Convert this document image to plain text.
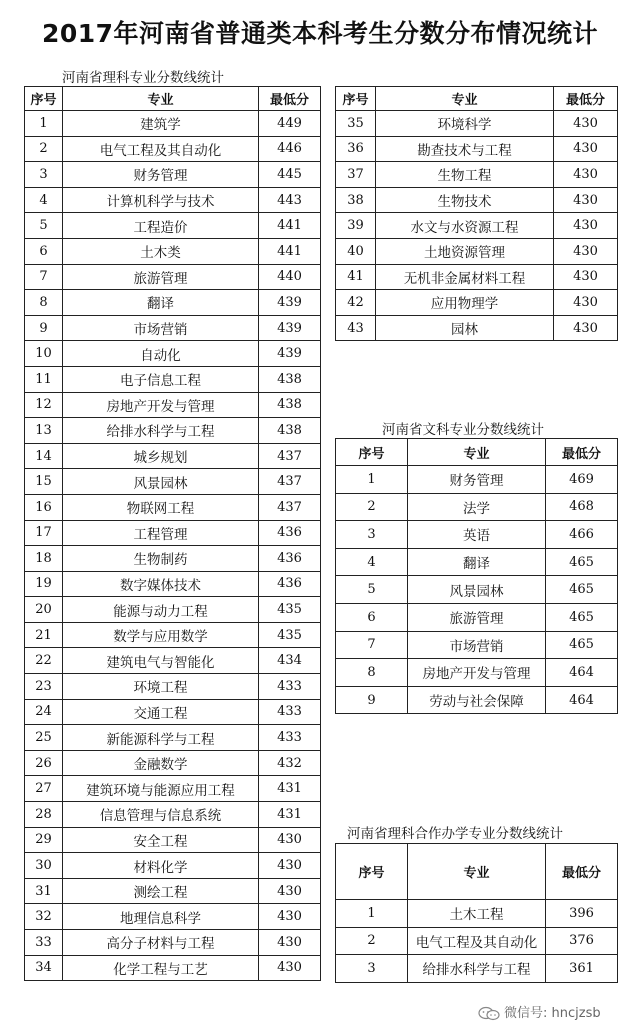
2017年河南省普通类本科考生分数分布情况统计
河南省理科专业分数线统计
河南省文科专业分数线统计
河南省理科合作办学专业分数线统计
序号	专业	最低分
1	建筑学	449
2	电气工程及其自动化	446
3	财务管理	445
4	计算机科学与技术	443
5	工程造价	441
6	土木类	441
7	旅游管理	440
8	翻译	439
9	市场营销	439
10	自动化	439
11	电子信息工程	438
12	房地产开发与管理	438
13	给排水科学与工程	438
14	城乡规划	437
15	风景园林	437
16	物联网工程	437
17	工程管理	436
18	生物制药	436
19	数字媒体技术	436
20	能源与动力工程	435
21	数学与应用数学	435
22	建筑电气与智能化	434
23	环境工程	433
24	交通工程	433
25	新能源科学与工程	433
26	金融数学	432
27	建筑环境与能源应用工程	431
28	信息管理与信息系统	431
29	安全工程	430
30	材料化学	430
31	测绘工程	430
32	地理信息科学	430
33	高分子材料与工程	430
34	化学工程与工艺	430
序号	专业	最低分
35	环境科学	430
36	勘查技术与工程	430
37	生物工程	430
38	生物技术	430
39	水文与水资源工程	430
40	土地资源管理	430
41	无机非金属材料工程	430
42	应用物理学	430
43	园林	430
序号	专业	最低分
1	财务管理	469
2	法学	468
3	英语	466
4	翻译	465
5	风景园林	465
6	旅游管理	465
7	市场营销	465
8	房地产开发与管理	464
9	劳动与社会保障	464
序号	专业	最低分
1	土木工程	396
2	电气工程及其自动化	376
3	给排水科学与工程	361
微信号: hncjzsb
